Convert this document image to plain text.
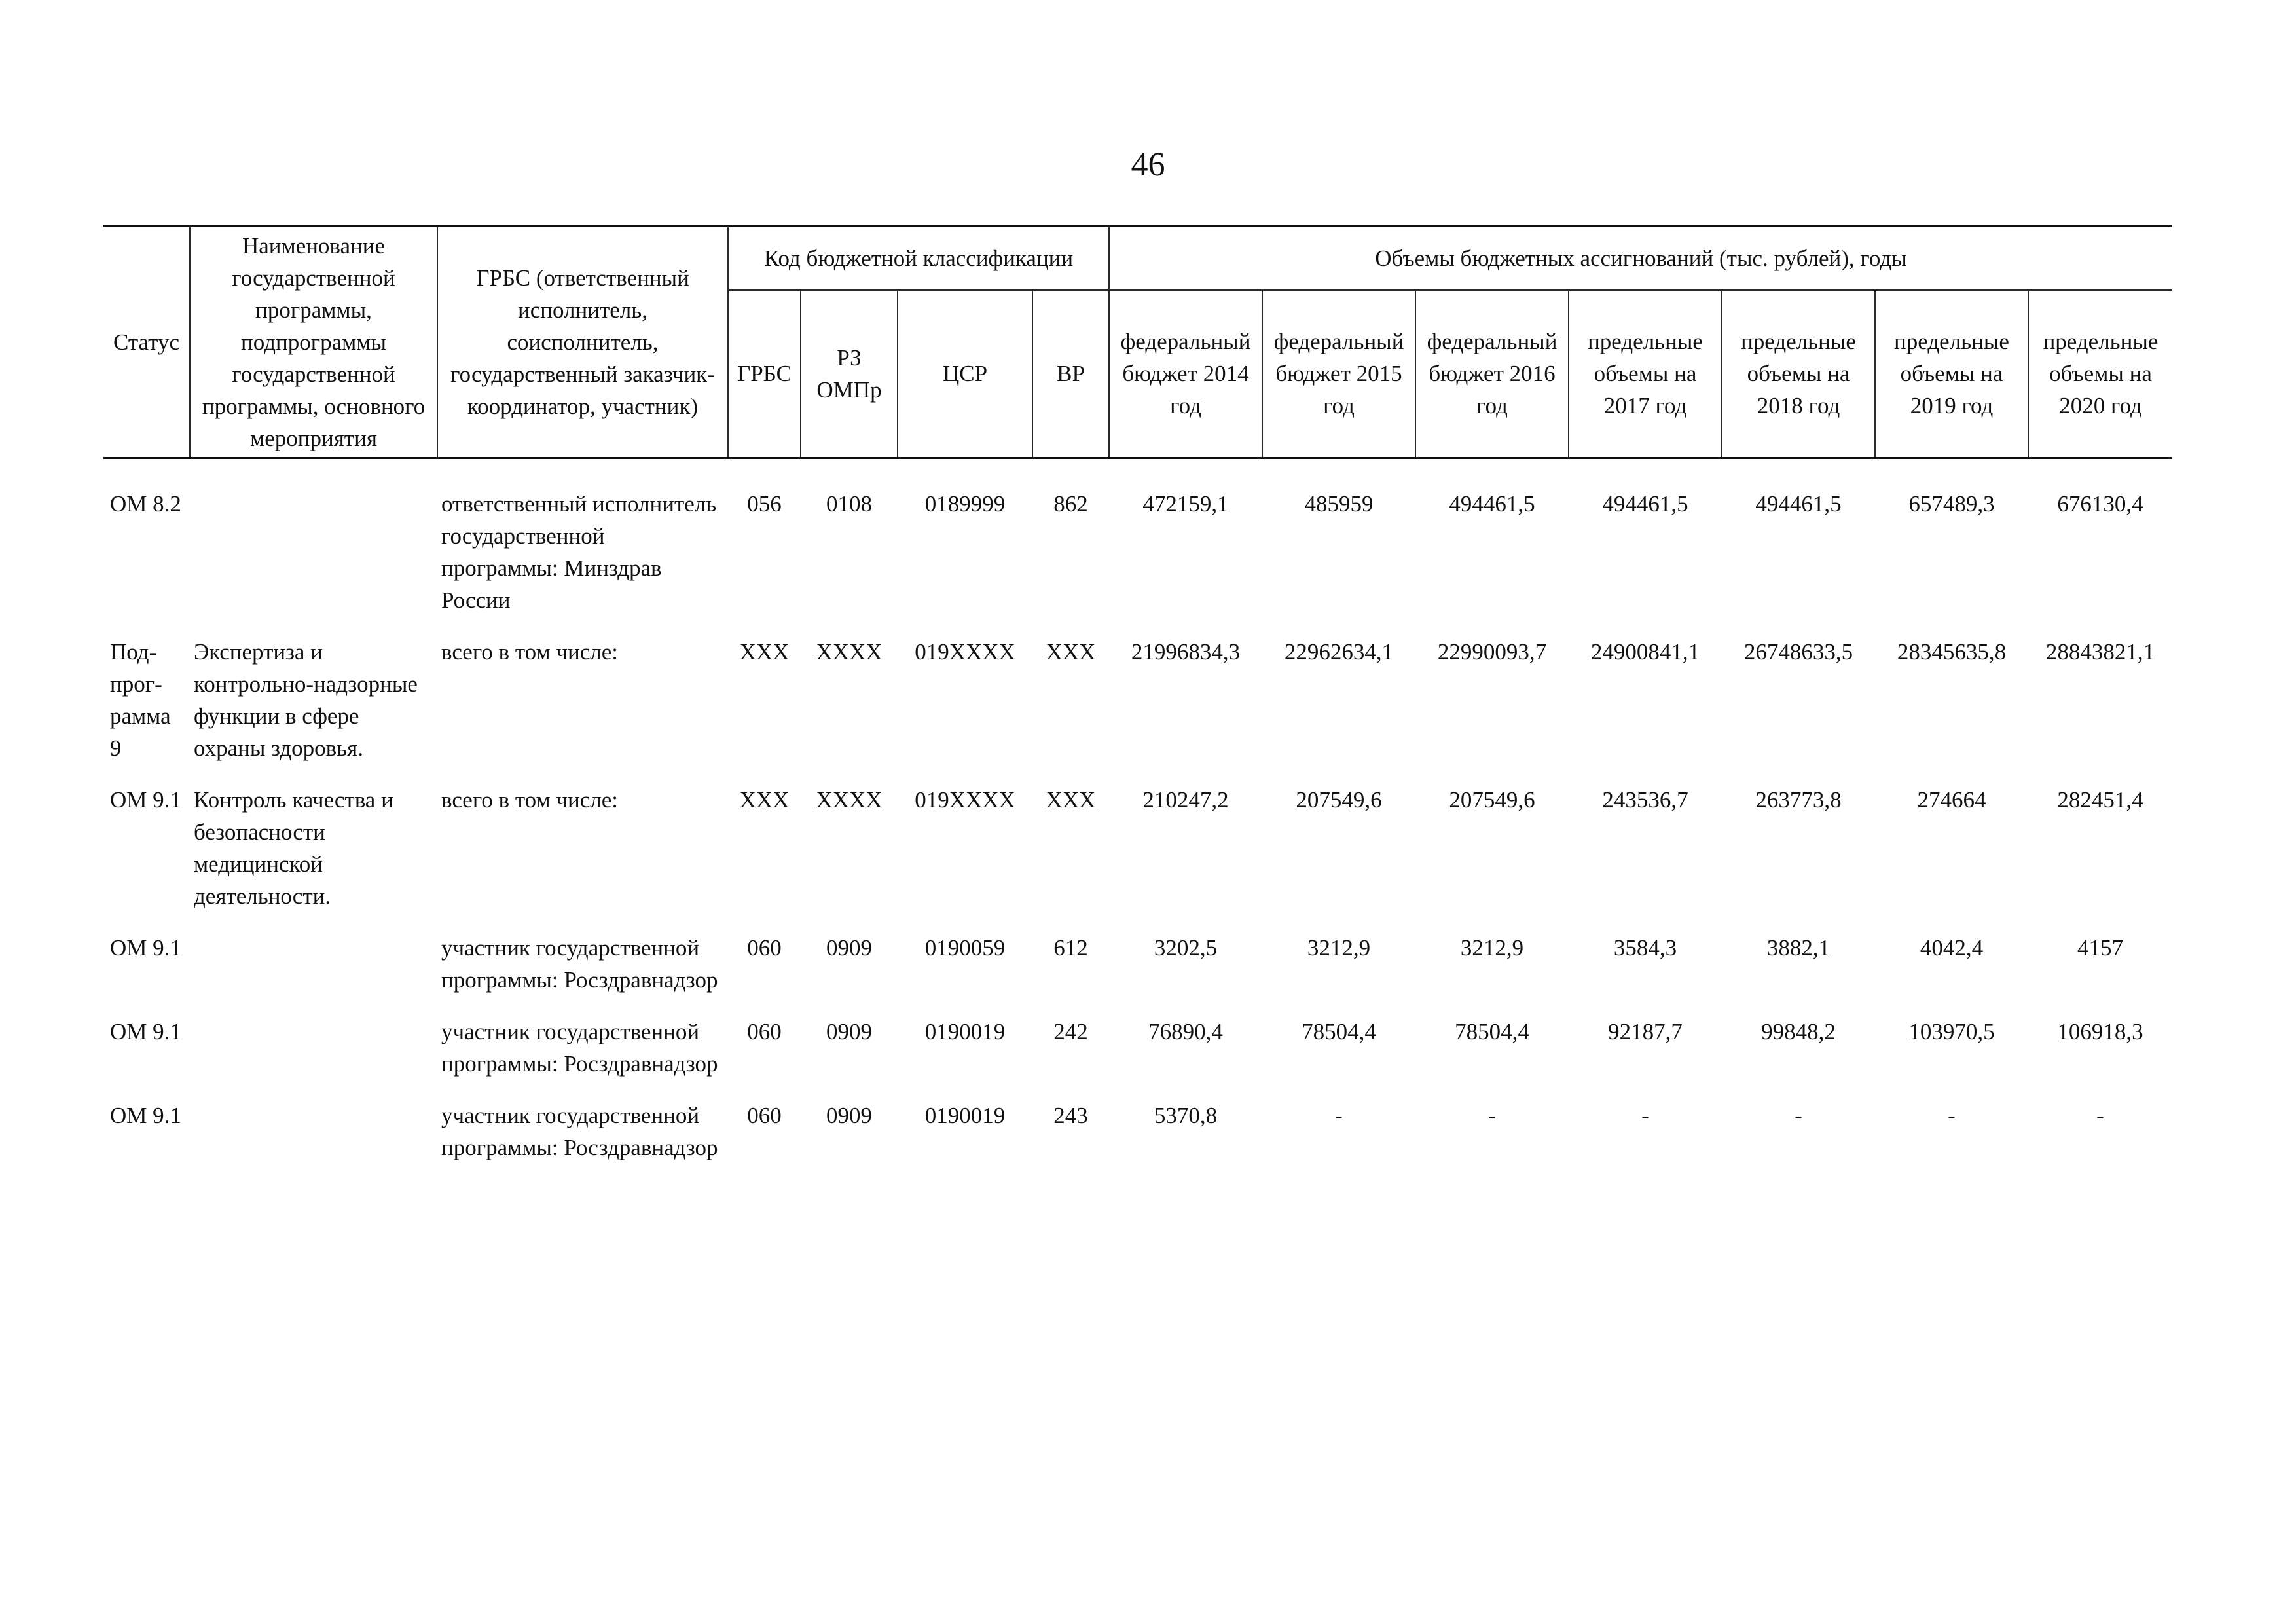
46
Статус	Наименование государственной программы, подпрограммы государственной программы, основного мероприятия	ГРБС (ответственный исполнитель, соисполнитель, государственный заказчик-координатор, участник)	Код бюджетной классификации				Объемы бюджетных ассигнований (тыс. рублей), годы						
			ГРБС	РЗ ОМПр	ЦСР	ВР	федеральный бюджет 2014 год	федеральный бюджет 2015 год	федеральный бюджет 2016 год	предельные объемы на 2017 год	предельные объемы на 2018 год	предельные объемы на 2019 год	предельные объемы на 2020 год
ОМ 8.2		ответственный исполнитель государственной программы: Минздрав России	056	0108	0189999	862	472159,1	485959	494461,5	494461,5	494461,5	657489,3	676130,4
Под-прог-рамма 9	Экспертиза и контрольно-надзорные функции в сфере охраны здоровья.	всего в том числе:	ХХХ	ХХХХ	019ХХХХ	ХХХ	21996834,3	22962634,1	22990093,7	24900841,1	26748633,5	28345635,8	28843821,1
ОМ 9.1	Контроль качества и безопасности медицинской деятельности.	всего в том числе:	ХХХ	ХХХХ	019ХХХХ	ХХХ	210247,2	207549,6	207549,6	243536,7	263773,8	274664	282451,4
ОМ 9.1		участник государственной программы: Росздравнадзор	060	0909	0190059	612	3202,5	3212,9	3212,9	3584,3	3882,1	4042,4	4157
ОМ 9.1		участник государственной программы: Росздравнадзор	060	0909	0190019	242	76890,4	78504,4	78504,4	92187,7	99848,2	103970,5	106918,3
ОМ 9.1		участник государственной программы: Росздравнадзор	060	0909	0190019	243	5370,8	-	-	-	-	-	-
